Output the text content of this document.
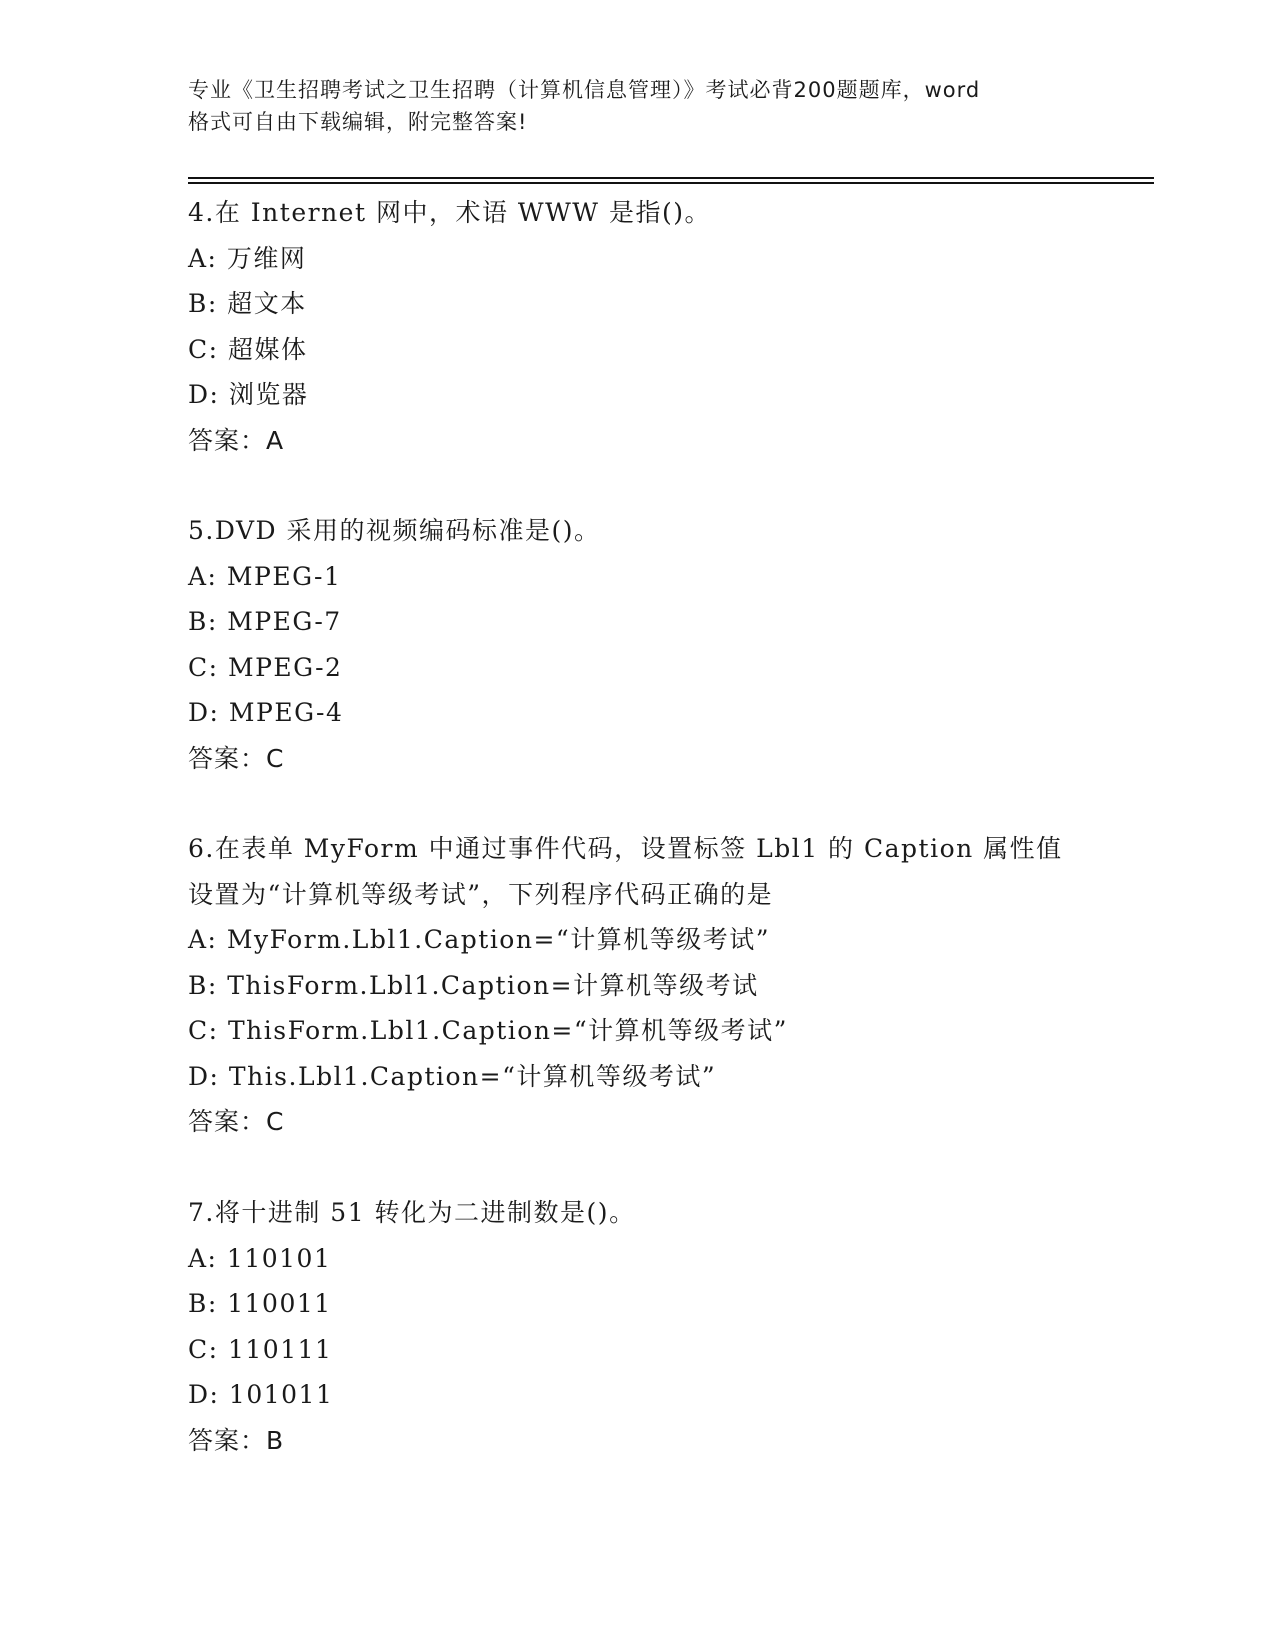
专业《卫生招聘考试之卫生招聘（计算机信息管理）》考试必背200题题库，word
格式可自由下载编辑，附完整答案!
4.在 Internet 网中，术语 WWW 是指()。
A: 万维网
B: 超文本
C: 超媒体
D: 浏览器
答案：A
5.DVD 采用的视频编码标准是()。
A: MPEG-1
B: MPEG-7
C: MPEG-2
D: MPEG-4
答案：C
6.在表单 MyForm 中通过事件代码，设置标签 Lbl1 的 Caption 属性值
设置为“计算机等级考试”，下列程序代码正确的是
A: MyForm.Lbl1.Caption=“计算机等级考试”
B: ThisForm.Lbl1.Caption=计算机等级考试
C: ThisForm.Lbl1.Caption=“计算机等级考试”
D: This.Lbl1.Caption=“计算机等级考试”
答案：C
7.将十进制 51 转化为二进制数是()。
A: 110101
B: 110011
C: 110111
D: 101011
答案：B
